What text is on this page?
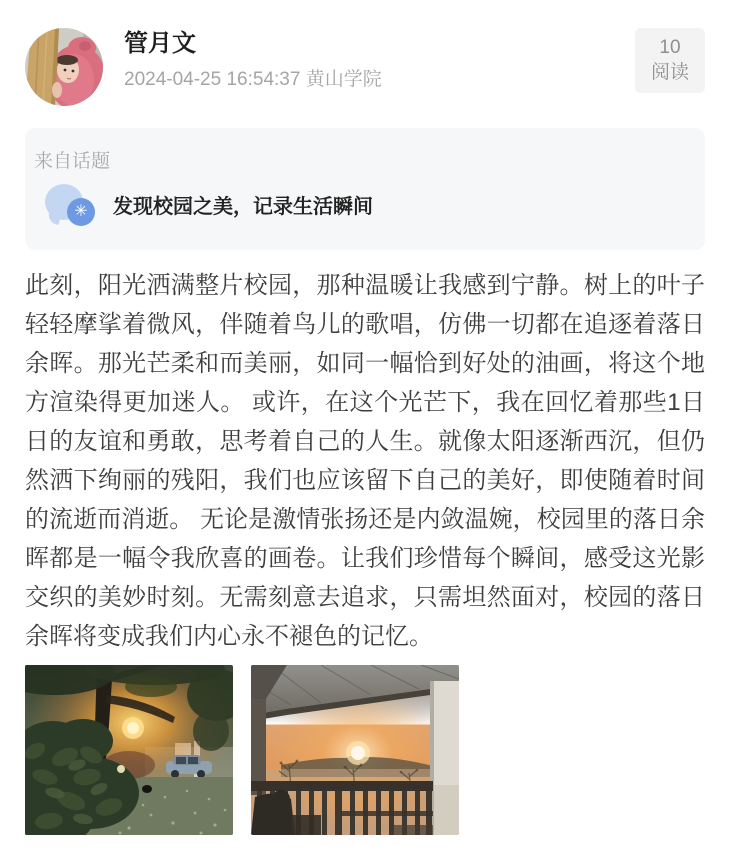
管月文
2024-04-25 16:54:37 黄山学院
10
阅读
来自话题
✳	发现校园之美，记录生活瞬间
此刻，阳光洒满整片校园，那种温暖让我感到宁静。树上的叶子轻轻摩挲着微风，伴随着鸟儿的歌唱，仿佛一切都在追逐着落日余晖。那光芒柔和而美丽，如同一幅恰到好处的油画，将这个地方渲染得更加迷人。 或许，在这个光芒下，我在回忆着那些1日日的友谊和勇敢，思考着自己的人生。就像太阳逐渐西沉，但仍然洒下绚丽的残阳，我们也应该留下自己的美好，即使随着时间的流逝而消逝。 无论是激情张扬还是内敛温婉，校园里的落日余晖都是一幅令我欣喜的画卷。让我们珍惜每个瞬间，感受这光影交织的美妙时刻。无需刻意去追求，只需坦然面对，校园的落日余晖将变成我们内心永不褪色的记忆。
